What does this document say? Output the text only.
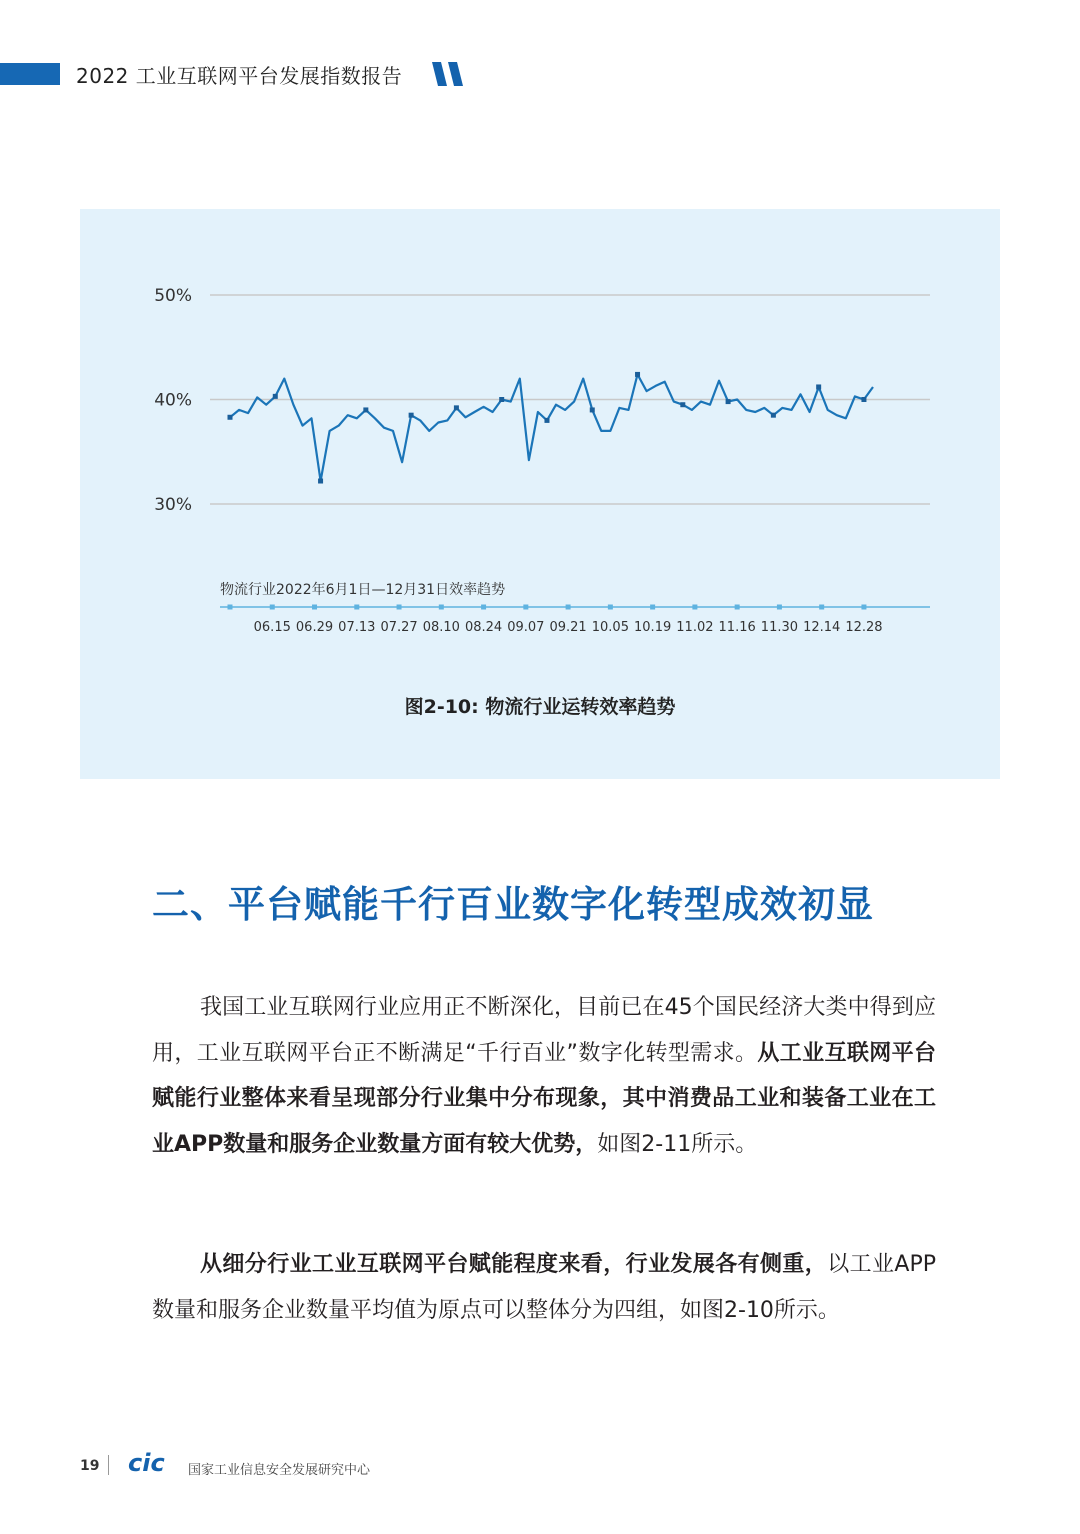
2022 工业互联网平台发展指数报告
50%
40%
30%
物流行业2022年6月1日—12月31日效率趋势
06.15 06.29 07.13 07.27 08.10 08.24 09.07 09.21 10.05 10.19 11.02 11.16 11.30 12.14 12.28
图2-10: 物流行业运转效率趋势
二、平台赋能千行百业数字化转型成效初显

我国工业互联网行业应用正不断深化，目前已在45个国民经济大类中得到应用，工业互联网平台正不断满足“千行百业”数字化转型需求。从工业互联网平台赋能行业整体来看呈现部分行业集中分布现象，其中消费品工业和装备工业在工业APP数量和服务企业数量方面有较大优势，如图2-11所示。

从细分行业工业互联网平台赋能程度来看，行业发展各有侧重，以工业APP数量和服务企业数量平均值为原点可以整体分为四组，如图2-10所示。

19 cic 国家工业信息安全发展研究中心
